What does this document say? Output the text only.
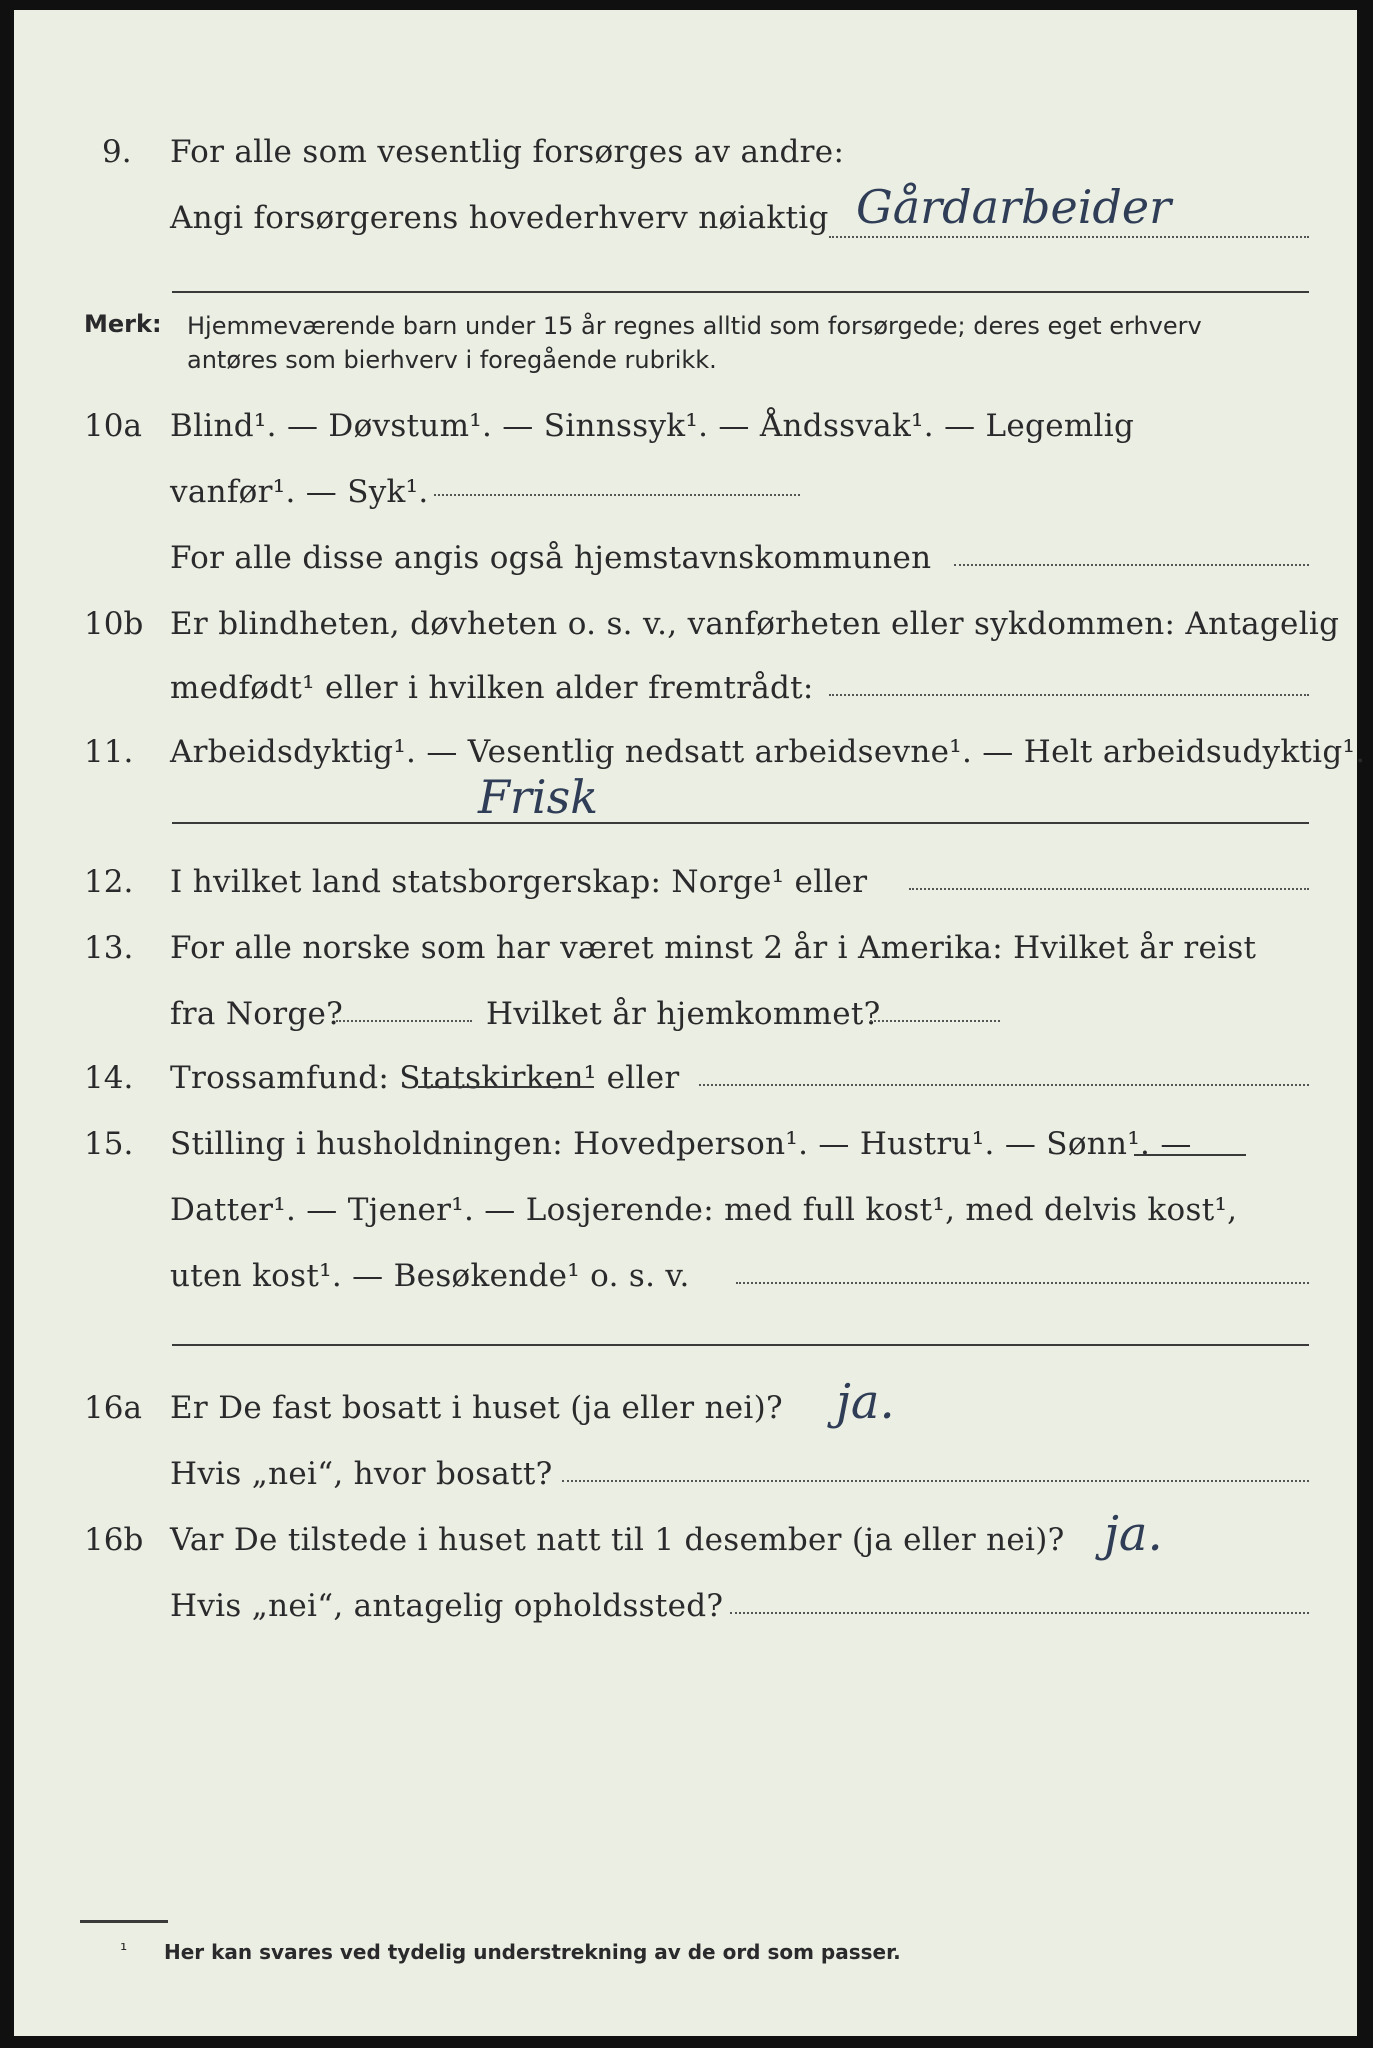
9. For alle som vesentlig forsørges av andre:
Angi forsørgerens hovederhverv nøiaktig Gårdarbeider
Merk: Hjemmeværende barn under 15 år regnes alltid som forsørgede; deres eget erhverv
antøres som bierhverv i foregående rubrikk.
10a Blind¹. — Døvstum¹. — Sinnssyk¹. — Åndssvak¹. — Legemlig
vanfør¹. — Syk¹.
For alle disse angis også hjemstavnskommunen
10b Er blindheten, døvheten o. s. v., vanførheten eller sykdommen: Antagelig
medfødt¹ eller i hvilken alder fremtrådt:
11. Arbeidsdyktig¹. — Vesentlig nedsatt arbeidsevne¹. — Helt arbeidsudyktig¹.
Frisk
12. I hvilket land statsborgerskap: Norge¹ eller
13. For alle norske som har været minst 2 år i Amerika: Hvilket år reist
fra Norge?	Hvilket år hjemkommet?
14. Trossamfund: Statskirken¹ eller
15. Stilling i husholdningen: Hovedperson¹. — Hustru¹. — Sønn¹. —
Datter¹. — Tjener¹. — Losjerende: med full kost¹, med delvis kost¹,
uten kost¹. — Besøkende¹ o. s. v.
16a Er De fast bosatt i huset (ja eller nei)? ja.
Hvis „nei“, hvor bosatt?
16b Var De tilstede i huset natt til 1 desember (ja eller nei)? ja.
Hvis „nei“, antagelig opholdssted?
¹ Her kan svares ved tydelig understrekning av de ord som passer.
